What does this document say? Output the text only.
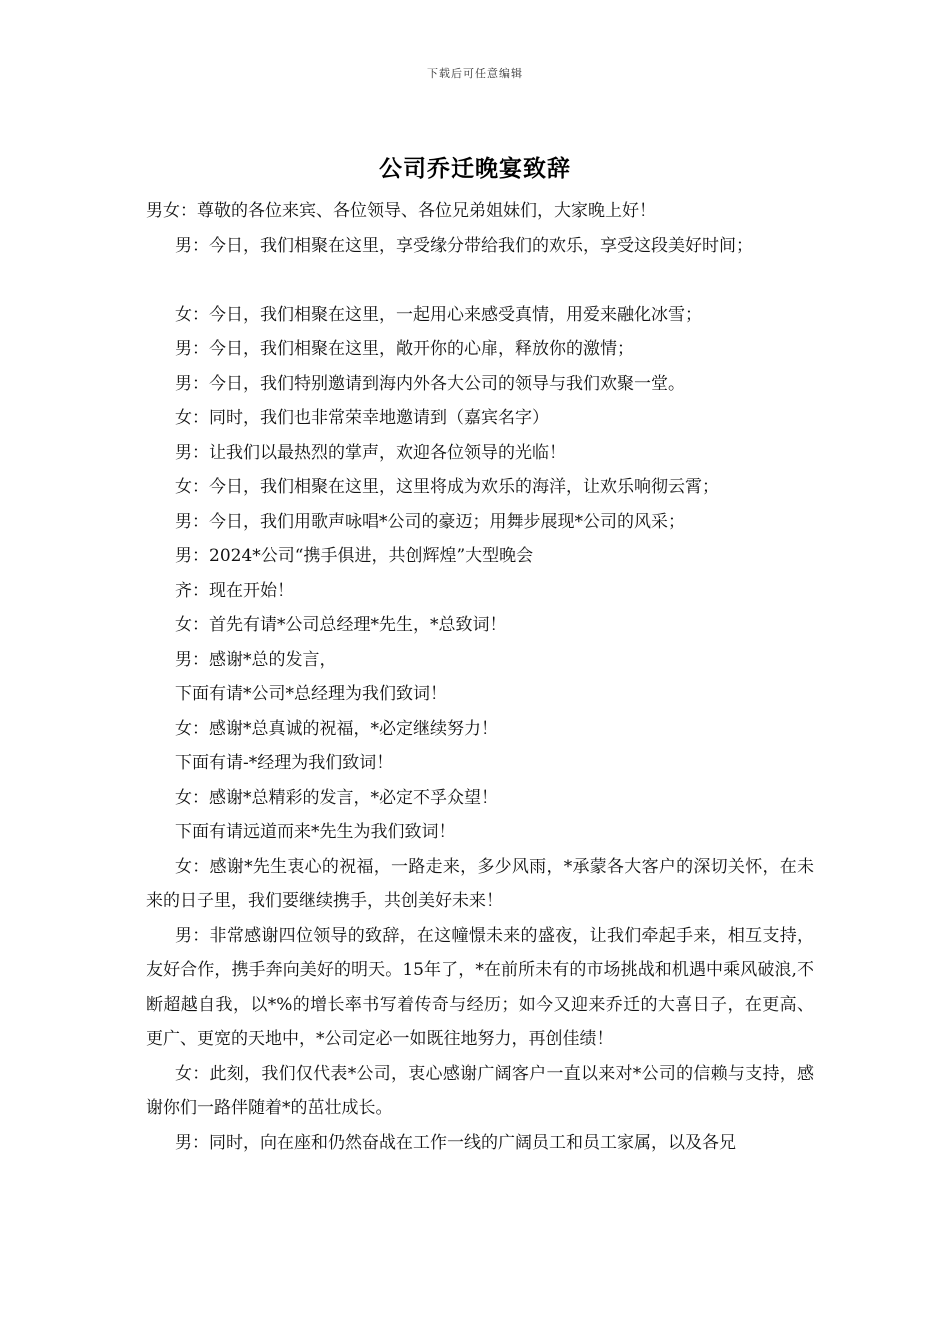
下载后可任意编辑
公司乔迁晚宴致辞

男女：尊敬的各位来宾、各位领导、各位兄弟姐妹们，大家晚上好！

男：今日，我们相聚在这里，享受缘分带给我们的欢乐，享受这段美好时间；

女：今日，我们相聚在这里，一起用心来感受真情，用爱来融化冰雪；

男：今日，我们相聚在这里，敞开你的心扉，释放你的激情；

男：今日，我们特别邀请到海内外各大公司的领导与我们欢聚一堂。

女：同时，我们也非常荣幸地邀请到（嘉宾名字）

男：让我们以最热烈的掌声，欢迎各位领导的光临！

女：今日，我们相聚在这里，这里将成为欢乐的海洋，让欢乐响彻云霄；

男：今日，我们用歌声咏唱*公司的豪迈；用舞步展现*公司的风采；

男：2024*公司“携手俱进，共创辉煌”大型晚会

齐：现在开始！

女：首先有请*公司总经理*先生，*总致词！

男：感谢*总的发言，

下面有请*公司*总经理为我们致词！

女：感谢*总真诚的祝福，*必定继续努力！

下面有请-*经理为我们致词！

女：感谢*总精彩的发言，*必定不孚众望！

下面有请远道而来*先生为我们致词！

女：感谢*先生衷心的祝福，一路走来，多少风雨，*承蒙各大客户的深切关怀，在未来的日子里，我们要继续携手，共创美好未来！

男：非常感谢四位领导的致辞，在这幢憬未来的盛夜，让我们牵起手来，相互支持，友好合作，携手奔向美好的明天。15年了，*在前所未有的市场挑战和机遇中乘风破浪,不断超越自我，以*%的增长率书写着传奇与经历；如今又迎来乔迁的大喜日子，在更高、更广、更宽的天地中，*公司定必一如既往地努力，再创佳绩！

女：此刻，我们仅代表*公司，衷心感谢广阔客户一直以来对*公司的信赖与支持，感谢你们一路伴随着*的茁壮成长。

男：同时，向在座和仍然奋战在工作一线的广阔员工和员工家属，以及各兄
